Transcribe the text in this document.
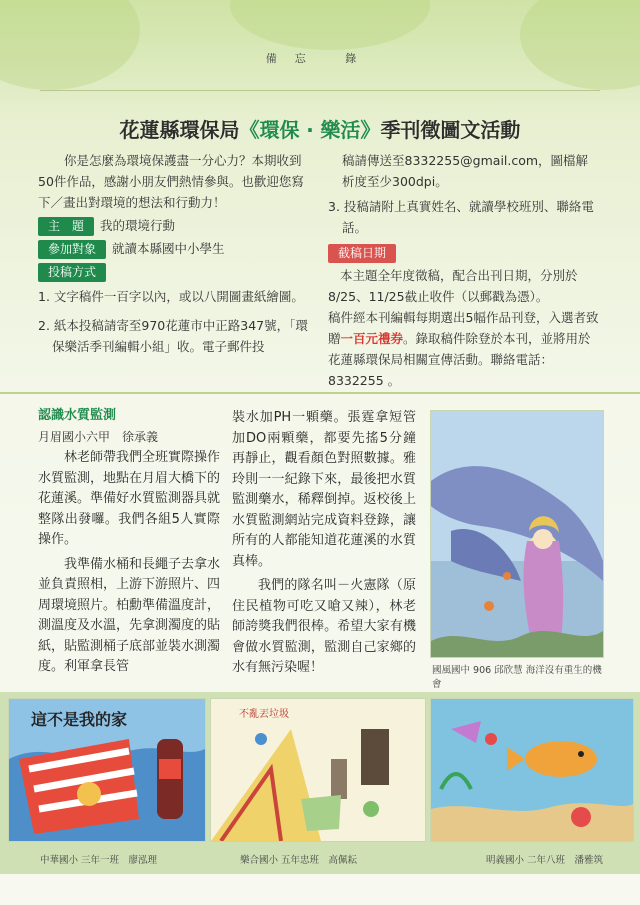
備忘 錄
花蓮縣環保局《環保 ‧ 樂活》季刊徵圖文活動

你是怎麼為環境保護盡一分心力？本期收到50件作品，感謝小朋友們熱情參與。也歡迎您寫下／畫出對環境的想法和行動力！

主　題 我的環境行動
參加對象 就讀本縣國中小學生
投稿方式

1. 文字稿件一百字以內，或以八開圖畫紙繪圖。

2. 紙本投稿請寄至970花蓮市中正路347號，「環保樂活季刊編輯小組」收。電子郵件投

稿請傳送至8332255@gmail.com，圖檔解析度至少300dpi。

3. 投稿請附上真實姓名、就讀學校班別、聯絡電話。

截稿日期

本主題全年度徵稿，配合出刊日期，分別於8/25、11/25截止收件（以郵戳為憑）。

稿件經本刊編輯每期選出5幅作品刊登，入選者致贈一百元禮券。錄取稿件除登於本刊，並將用於花蓮縣環保局相關宣傳活動。聯絡電話：8332255 。

認識水質監測
月眉國小六甲　徐承義

林老師帶我們全班實際操作水質監測，地點在月眉大橋下的花蓮溪。準備好水質監測器具就整隊出發囉。我們各組5人實際操作。

我準備水桶和長繩子去拿水並負責照相，上游下游照片、四周環境照片。柏勳準備溫度計，測溫度及水溫，先拿測濁度的貼紙，貼監測桶子底部並裝水測濁度。利軍拿長管

裝水加PH一顆藥。張霆拿短管加DO兩顆藥，都要先搖5分鐘再靜止，觀看顏色對照數據。雅玲則一一紀錄下來，最後把水質監測藥水，稀釋倒掉。返校後上水質監測網站完成資料登錄，讓所有的人都能知道花蓮溪的水質真棒。

我們的隊名叫－火憲隊（原住民植物可吃又嗆又辣），林老師誇獎我們很棒。希望大家有機會做水質監測，監測自己家鄉的水有無污染喔！	國風國中 906 邱欣慧 海洋沒有重生的機會
這不是我的家
中華國小 三年一班　廖泓理
不亂丟垃圾
樂合國小 五年忠班　高佩耘	明義國小 二年八班　潘雅筑
